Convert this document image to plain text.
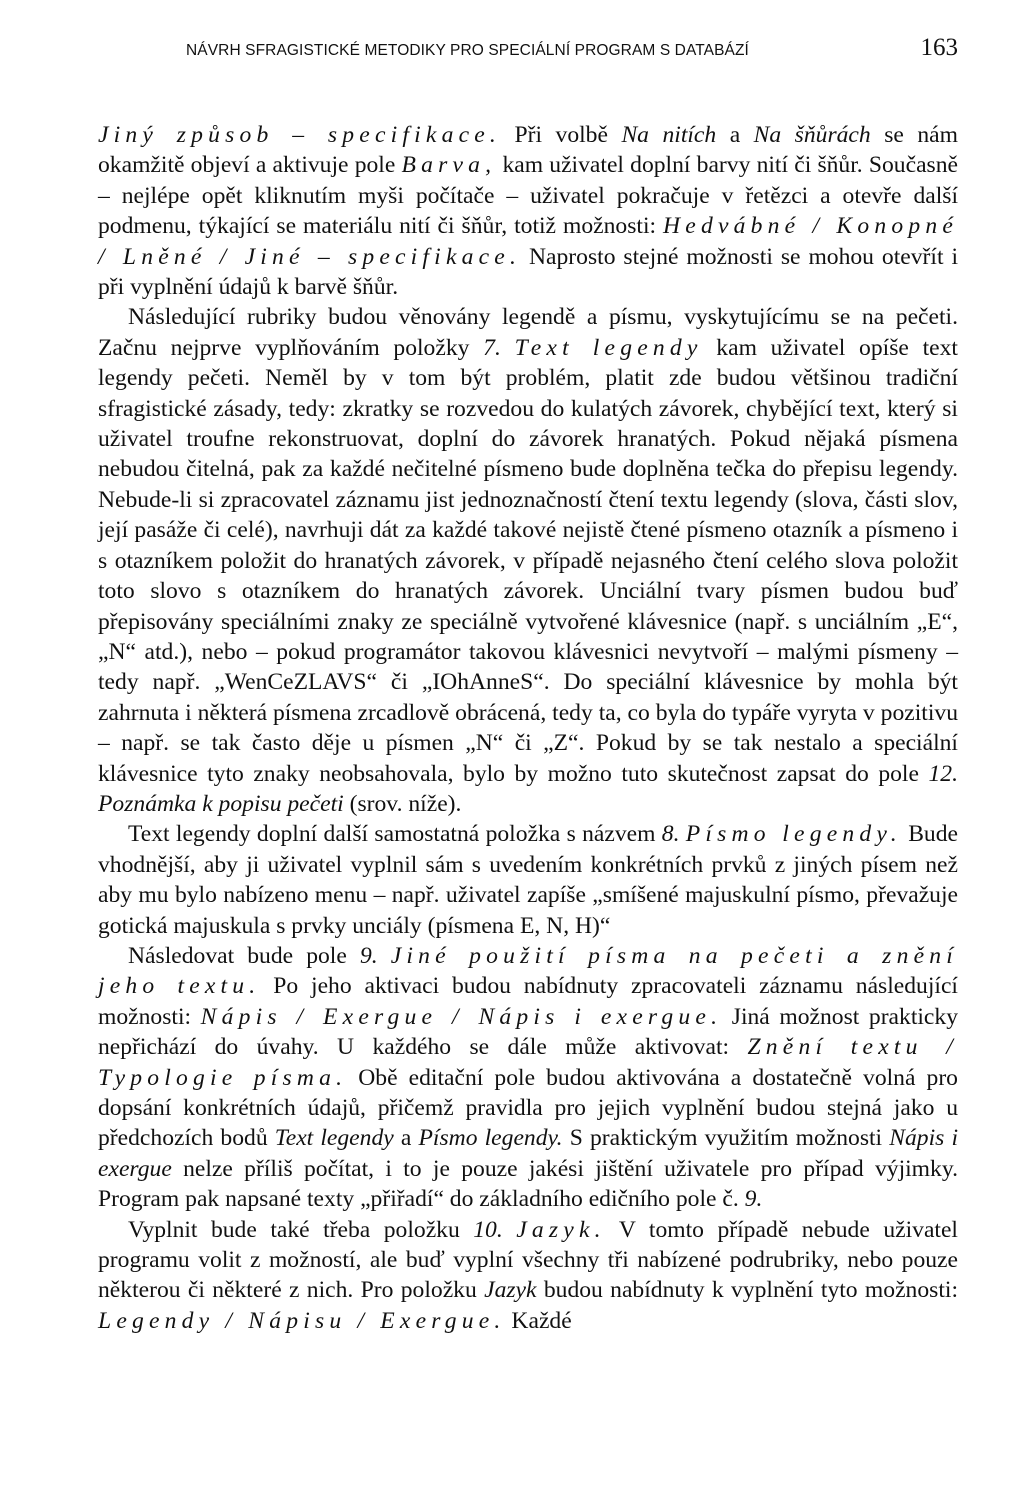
NÁVRH SFRAGISTICKÉ METODIKY PRO SPECIÁLNÍ PROGRAM S DATABÁZÍ	163

Jiný způsob – specifikace. Při volbě Na nitích a Na šňůrách se nám okamžitě objeví a aktivuje pole Barva, kam uživatel doplní barvy nití či šňůr. Současně – nejlépe opět kliknutím myši počítače – uživatel pokračuje v řetězci a otevře další podmenu, týkající se materiálu nití či šňůr, totiž možnosti: Hedvábné / Konopné / Lněné / Jiné – specifikace. Naprosto stejné možnosti se mohou otevřít i při vyplnění údajů k barvě šňůr.

Následující rubriky budou věnovány legendě a písmu, vyskytujícímu se na pečeti. Začnu nejprve vyplňováním položky 7. Text legendy kam uživatel opíše text legendy pečeti. Neměl by v tom být problém, platit zde budou většinou tradiční sfragistické zásady, tedy: zkratky se rozvedou do kulatých závorek, chybějící text, který si uživatel troufne rekonstruovat, doplní do závorek hranatých. Pokud nějaká písmena nebudou čitelná, pak za každé nečitelné písmeno bude doplněna tečka do přepisu legendy. Nebude-li si zpracovatel záznamu jist jednoznačností čtení textu legendy (slova, části slov, její pasáže či celé), navrhuji dát za každé takové nejistě čtené písmeno otazník a písmeno i s otazníkem položit do hranatých závorek, v případě nejasného čtení celého slova položit toto slovo s otazníkem do hranatých závorek. Unciální tvary písmen budou buď přepisovány speciálními znaky ze speciálně vytvořené klávesnice (např. s unciálním „E“, „N“ atd.), nebo – pokud programátor takovou klávesnici nevytvoří – malými písmeny – tedy např. „WenCeZLAVS“ či „IOhAnneS“. Do speciální klávesnice by mohla být zahrnuta i některá písmena zrcadlově obrácená, tedy ta, co byla do typáře vyryta v pozitivu – např. se tak často děje u písmen „N“ či „Z“. Pokud by se tak nestalo a speciální klávesnice tyto znaky neobsahovala, bylo by možno tuto skutečnost zapsat do pole 12. Poznámka k popisu pečeti (srov. níže).

Text legendy doplní další samostatná položka s názvem 8. Písmo legendy. Bude vhodnější, aby ji uživatel vyplnil sám s uvedením konkrétních prvků z jiných písem než aby mu bylo nabízeno menu – např. uživatel zapíše „smíšené majuskulní písmo, převažuje gotická majuskula s prvky unciály (písmena E, N, H)“

Následovat bude pole 9. Jiné použití písma na pečeti a znění jeho textu. Po jeho aktivaci budou nabídnuty zpracovateli záznamu následující možnosti: Nápis / Exergue / Nápis i exergue. Jiná možnost prakticky nepřichází do úvahy. U každého se dále může aktivovat: Znění textu / Typologie písma. Obě editační pole budou aktivována a dostatečně volná pro dopsání konkrétních údajů, přičemž pravidla pro jejich vyplnění budou stejná jako u předchozích bodů Text legendy a Písmo legendy. S praktickým využitím možnosti Nápis i exergue nelze příliš počítat, i to je pouze jakési jištění uživatele pro případ výjimky. Program pak napsané texty „přiřadí“ do základního edičního pole č. 9.

Vyplnit bude také třeba položku 10. Jazyk. V tomto případě nebude uživatel programu volit z možností, ale buď vyplní všechny tři nabízené podrubriky, nebo pouze některou či některé z nich. Pro položku Jazyk budou nabídnuty k vyplnění tyto možnosti: Legendy / Nápisu / Exergue. Každé
